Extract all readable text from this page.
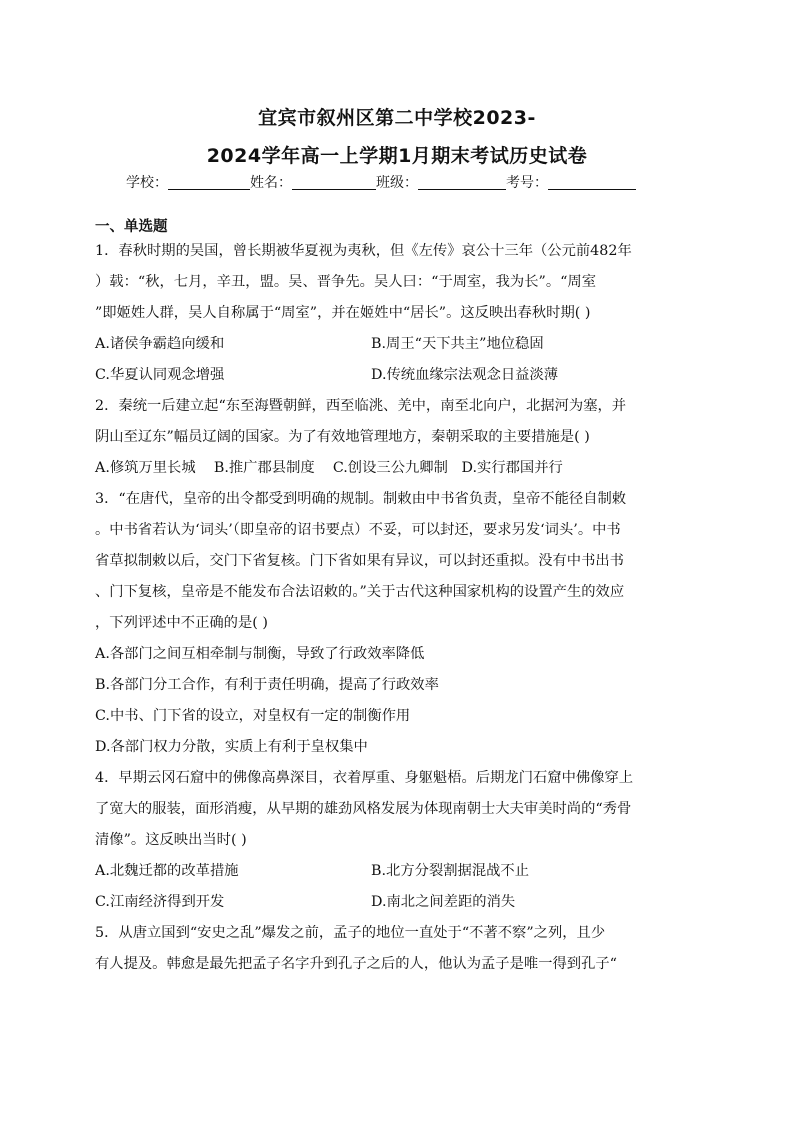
宜宾市叙州区第二中学校2023-
2024学年高一上学期1月期末考试历史试卷
学校：	姓名：	班级：	考号：
一、单选题
1．春秋时期的吴国，曾长期被华夏视为夷秋，但《左传》哀公十三年（公元前482年
）载：“秋，七月，辛丑，盟。吴、晋争先。吴人曰：“于周室，我为长”。“周室
”即姬姓人群，吴人自称属于“周室”，并在姬姓中“居长”。这反映出春秋时期( )
A.诸侯争霸趋向缓和	B.周王“天下共主”地位稳固
C.华夏认同观念增强	D.传统血缘宗法观念日益淡薄
2．秦统一后建立起“东至海暨朝鲜，西至临洮、羌中，南至北向户，北据河为塞，并
阴山至辽东”幅员辽阔的国家。为了有效地管理地方，秦朝采取的主要措施是( )
A.修筑万里长城    B.推广郡县制度    C.创设三公九卿制   D.实行郡国并行
3．“在唐代，皇帝的出令都受到明确的规制。制敕由中书省负责，皇帝不能径自制敕
。中书省若认为‘词头’（即皇帝的诏书要点）不妥，可以封还，要求另发‘词头’。中书
省草拟制敕以后，交门下省复核。门下省如果有异议，可以封还重拟。没有中书出书
、门下复核，皇帝是不能发布合法诏敕的。”关于古代这种国家机构的设置产生的效应
，下列评述中不正确的是( )
A.各部门之间互相牵制与制衡，导致了行政效率降低
B.各部门分工合作，有利于责任明确，提高了行政效率
C.中书、门下省的设立，对皇权有一定的制衡作用
D.各部门权力分散，实质上有利于皇权集中
4．早期云冈石窟中的佛像高鼻深目，衣着厚重、身躯魁梧。后期龙门石窟中佛像穿上
了宽大的服装，面形消瘦，从早期的雄劲风格发展为体现南朝士大夫审美时尚的“秀骨
清像”。这反映出当时( )
A.北魏迁都的改革措施	B.北方分裂割据混战不止
C.江南经济得到开发	D.南北之间差距的消失
5．从唐立国到“安史之乱”爆发之前，孟子的地位一直处于“不著不察”之列，且少
有人提及。韩愈是最先把孟子名字升到孔子之后的人，他认为孟子是唯一得到孔子“
